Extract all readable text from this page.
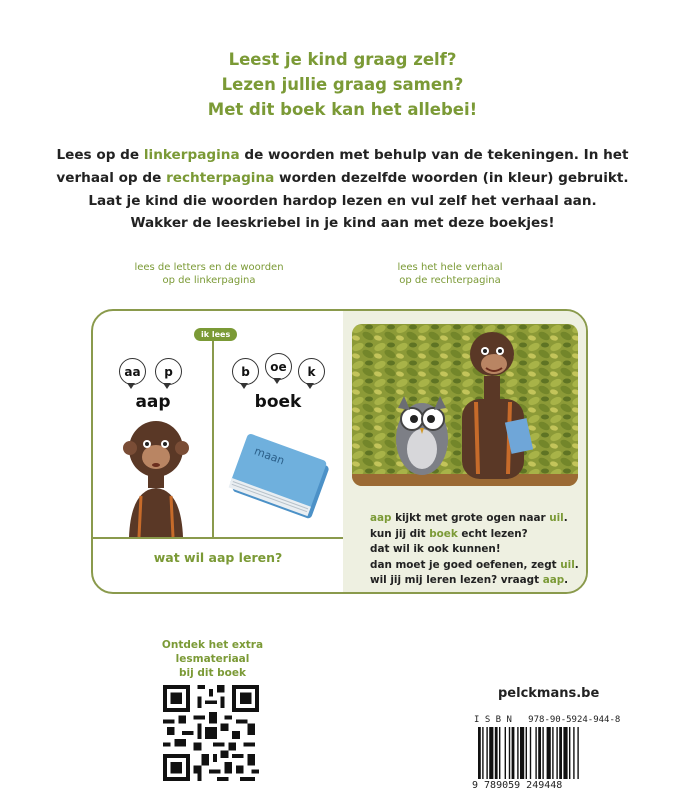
Leest je kind graag zelf?
Lezen jullie graag samen?
Met dit boek kan het allebei!
Lees op de linkerpagina de woorden met behulp van de tekeningen. In het
verhaal op de rechterpagina worden dezelfde woorden (in kleur) gebruikt.
Laat je kind die woorden hardop lezen en vul zelf het verhaal aan.
Wakker de leeskriebel in je kind aan met deze boekjes!
lees de letters en de woorden
op de linkerpagina
lees het hele verhaal
op de rechterpagina
aap kijkt met grote ogen naar uil.
kun jij dit boek echt lezen?
dat wil ik ook kunnen!
dan moet je goed oefenen, zegt uil.
wil jij mij leren lezen? vraagt aap.
ik lees
aa	p
aap
b	oe	k
boek
maan
wat wil aap leren?
Ontdek het extra
lesmateriaal
bij dit boek
pelckmans.be
I S B N   978-90-5924-944-8
9 789059 249448
